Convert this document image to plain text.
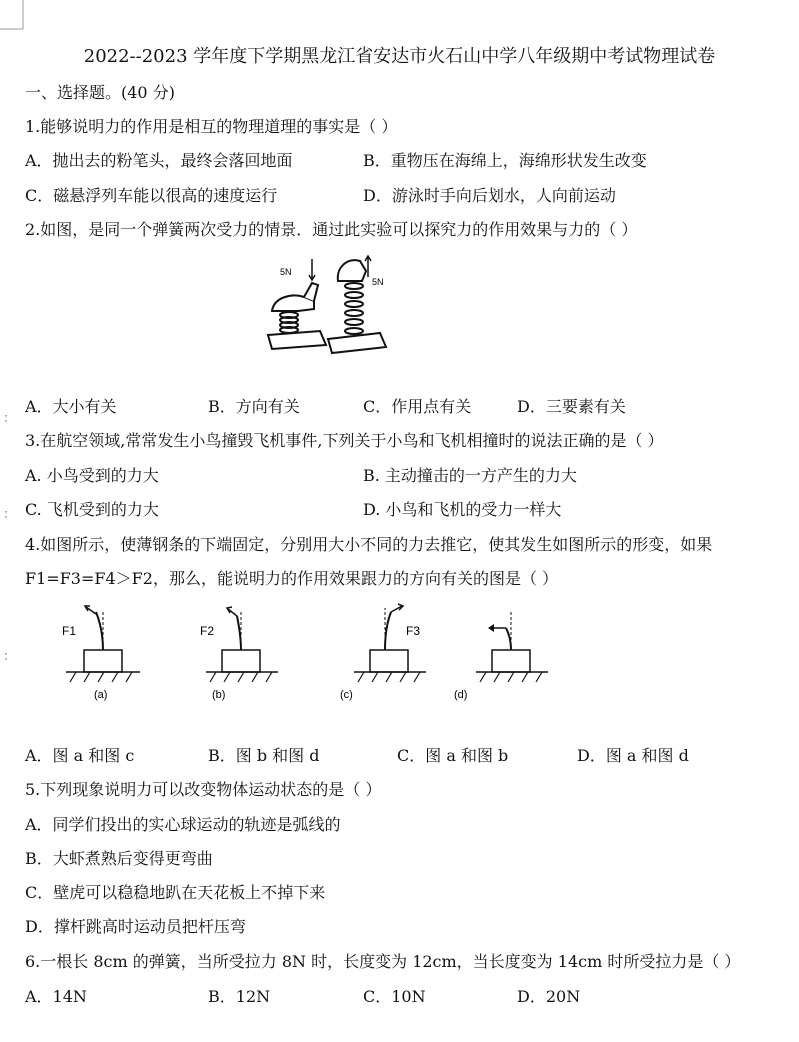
2022--2023 学年度下学期黑龙江省安达市火石山中学八年级期中考试物理试卷
一、选择题。(40 分)
1.能够说明力的作用是相互的物理道理的事实是（ ）
A．抛出去的粉笔头，最终会落回地面	B．重物压在海绵上，海绵形状发生改变
C．磁悬浮列车能以很高的速度运行	D．游泳时手向后划水，人向前运动
2.如图，是同一个弹簧两次受力的情景．通过此实验可以探究力的作用效果与力的（ ）
5N
5N
﹕
A．大小有关	B．方向有关	C．作用点有关	D．三要素有关
3.在航空领域,常常发生小鸟撞毁飞机事件,下列关于小鸟和飞机相撞时的说法正确的是（ ）
A. 小鸟受到的力大	B. 主动撞击的一方产生的力大
﹕ C. 飞机受到的力大	D. 小鸟和飞机的受力一样大
4.如图所示，使薄钢条的下端固定，分别用大小不同的力去推它，使其发生如图所示的形变，如果
F1=F3=F4＞F2，那么，能说明力的作用效果跟力的方向有关的图是（ ）
F1
(a)
F2
(b)
F3
(c)	(d)
﹕
A．图 a 和图 c	B．图 b 和图 d	C．图 a 和图 b	D．图 a 和图 d
5.下列现象说明力可以改变物体运动状态的是（ ）
A．同学们投出的实心球运动的轨迹是弧线的
B．大虾煮熟后变得更弯曲
C．壁虎可以稳稳地趴在天花板上不掉下来
D．撑杆跳高时运动员把杆压弯
6.一根长 8cm 的弹簧，当所受拉力 8N 时，长度变为 12cm，当长度变为 14cm 时所受拉力是（ ）
A．14N	B．12N	C．10N	D．20N
